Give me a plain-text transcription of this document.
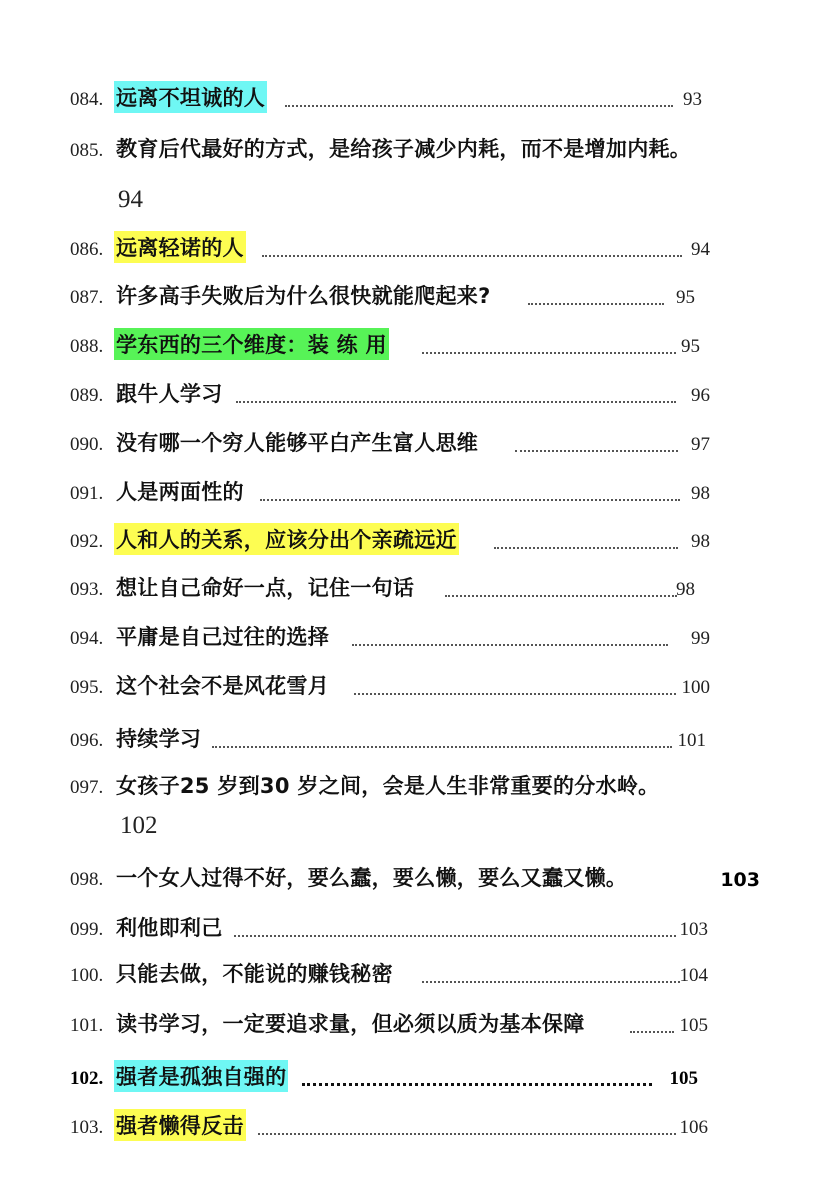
084. 远离不坦诚的人	93
085. 教育后代最好的方式，是给孩子减少内耗，而不是增加内耗。
94
086. 远离轻诺的人	94
087. 许多高手失败后为什么很快就能爬起来?	95
088. 学东西的三个维度：装 练 用	95
089. 跟牛人学习	96
090. 没有哪一个穷人能够平白产生富人思维	97
091. 人是两面性的	98
092. 人和人的关系，应该分出个亲疏远近	98
093. 想让自己命好一点，记住一句话	98
094. 平庸是自己过往的选择	99
095. 这个社会不是风花雪月	100
096. 持续学习	101
097. 女孩子25 岁到30 岁之间，会是人生非常重要的分水岭。
102
098. 一个女人过得不好，要么蠢，要么懒，要么又蠢又懒。	103
099. 利他即利己	103
100. 只能去做，不能说的赚钱秘密	104
101. 读书学习，一定要追求量，但必须以质为基本保障	105
102. 强者是孤独自强的	105
103. 强者懒得反击	106
